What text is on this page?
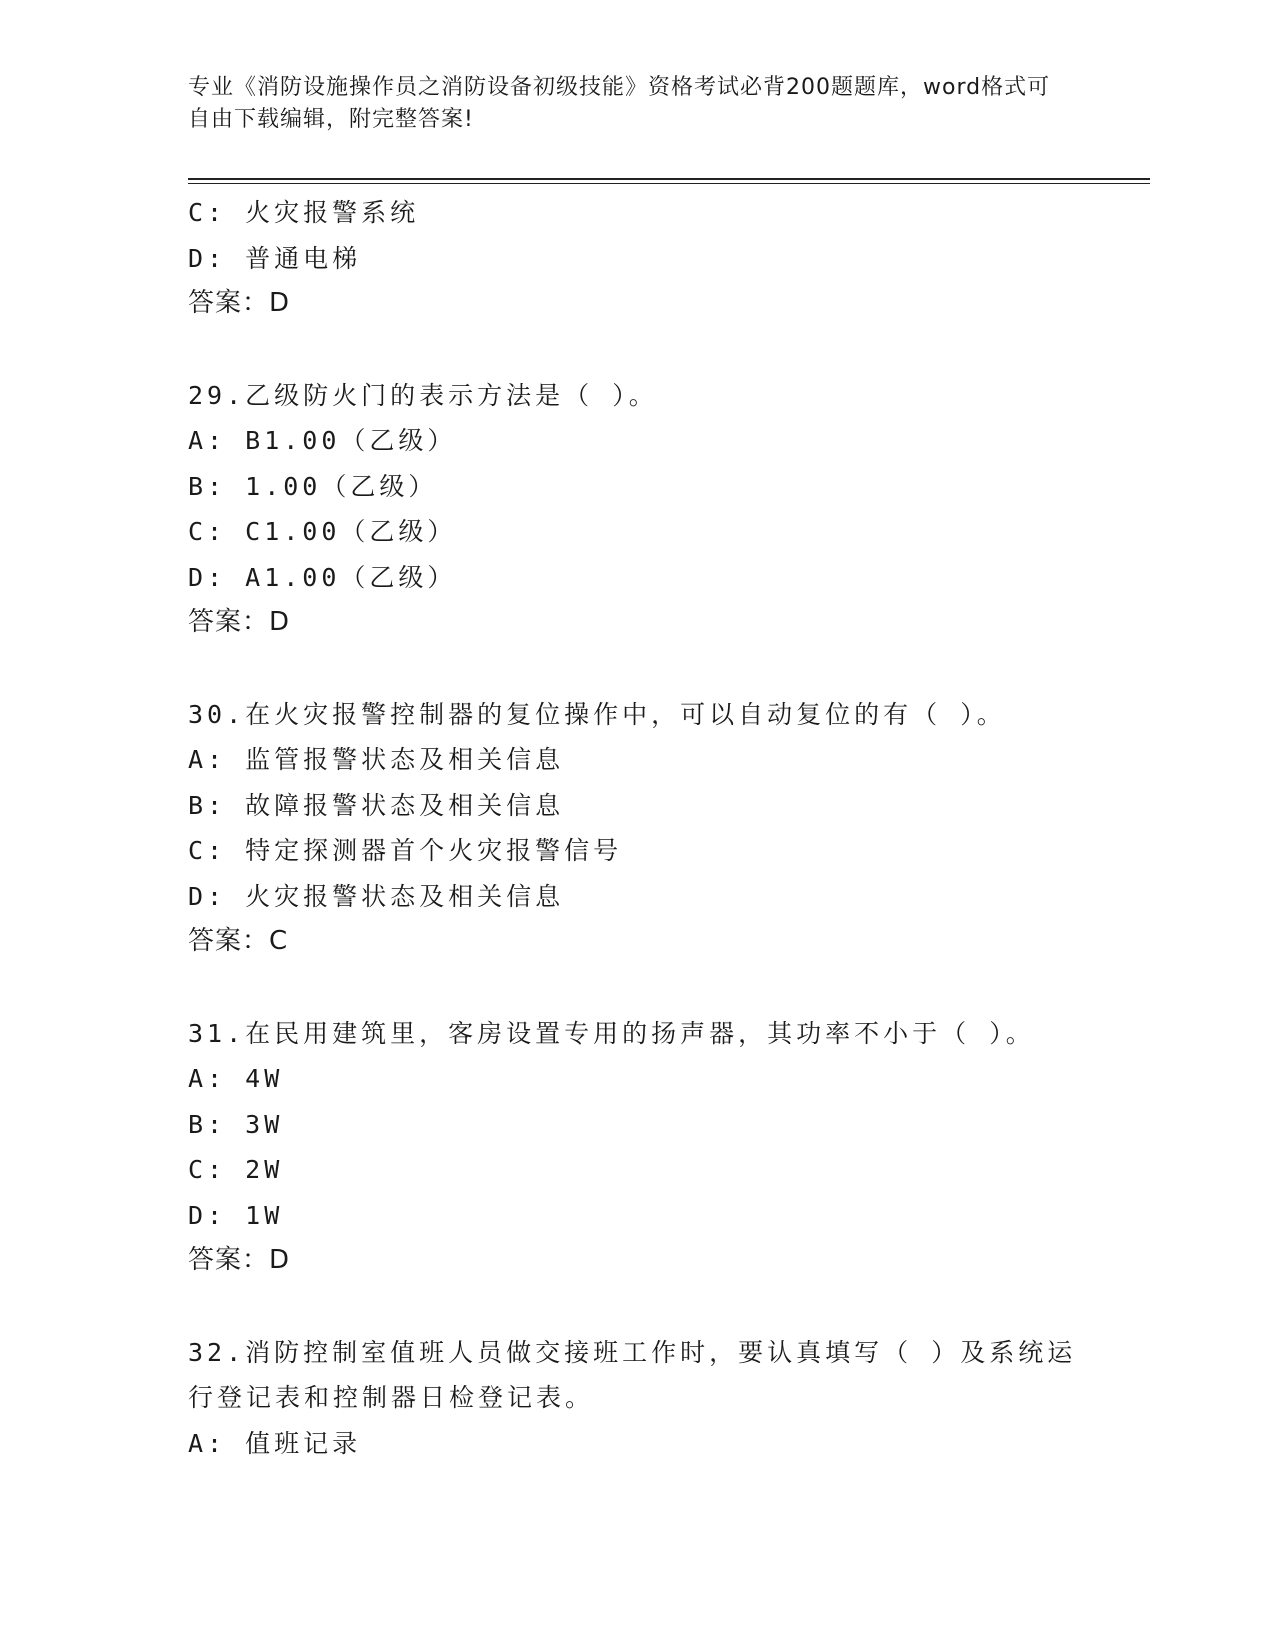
专业《消防设施操作员之消防设备初级技能》资格考试必背200题题库，word格式可自由下载编辑，附完整答案!
C: 火灾报警系统
D: 普通电梯
答案：D
29.乙级防火门的表示方法是（ ）。
A: B1.00（乙级）
B: 1.00（乙级）
C: C1.00（乙级）
D: A1.00（乙级）
答案：D
30.在火灾报警控制器的复位操作中，可以自动复位的有（ ）。
A: 监管报警状态及相关信息
B: 故障报警状态及相关信息
C: 特定探测器首个火灾报警信号
D: 火灾报警状态及相关信息
答案：C
31.在民用建筑里，客房设置专用的扬声器，其功率不小于（ ）。
A: 4W
B: 3W
C: 2W
D: 1W
答案：D
32.消防控制室值班人员做交接班工作时，要认真填写（ ）及系统运
行登记表和控制器日检登记表。
A: 值班记录
